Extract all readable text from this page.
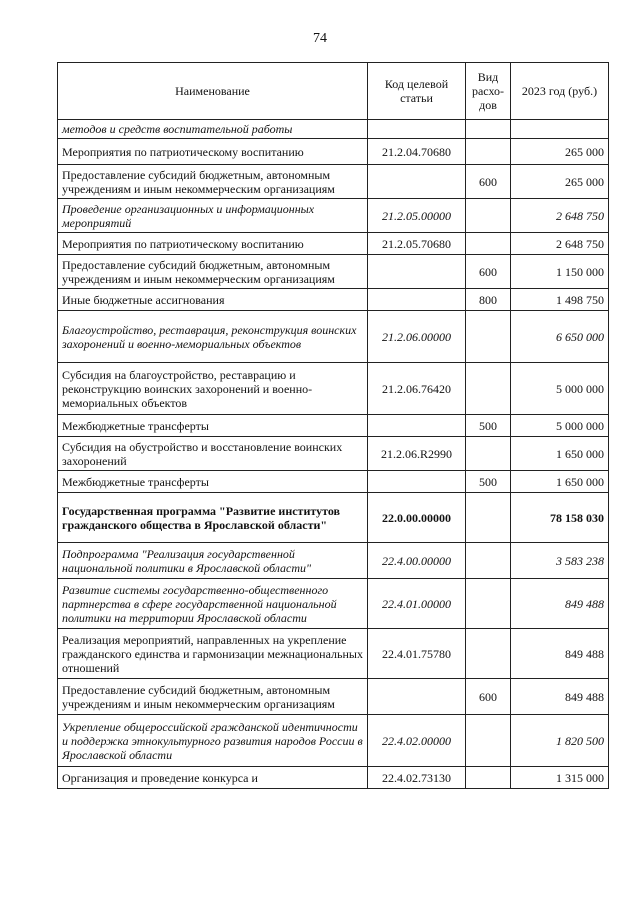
74
Наименование	Код целевой статьи	Вид расхо-дов	2023 год (руб.)
методов и средств воспитательной работы			
Мероприятия по патриотическому воспитанию	21.2.04.70680		265 000
Предоставление субсидий бюджетным, автономным учреждениям и иным некоммерческим организациям		600	265 000
Проведение организационных и информационных мероприятий	21.2.05.00000		2 648 750
Мероприятия по патриотическому воспитанию	21.2.05.70680		2 648 750
Предоставление субсидий бюджетным, автономным учреждениям и иным некоммерческим организациям		600	1 150 000
Иные бюджетные ассигнования		800	1 498 750
Благоустройство, реставрация, реконструкция воинских захоронений и военно-мемориальных объектов	21.2.06.00000		6 650 000
Субсидия на благоустройство, реставрацию и реконструкцию воинских захоронений и военно-мемориальных объектов	21.2.06.76420		5 000 000
Межбюджетные трансферты		500	5 000 000
Субсидия на обустройство и восстановление воинских захоронений	21.2.06.R2990		1 650 000
Межбюджетные трансферты		500	1 650 000
Государственная программа "Развитие институтов гражданского общества в Ярославской области"	22.0.00.00000		78 158 030
Подпрограмма "Реализация государственной национальной политики в Ярославской области"	22.4.00.00000		3 583 238
Развитие системы государственно-общественного партнерства в сфере государственной национальной политики на территории Ярославской области	22.4.01.00000		849 488
Реализация мероприятий, направленных на укрепление гражданского единства и гармонизации межнациональных отношений	22.4.01.75780		849 488
Предоставление субсидий бюджетным, автономным учреждениям и иным некоммерческим организациям		600	849 488
Укрепление общероссийской гражданской идентичности и поддержка этнокультурного развития народов России в Ярославской области	22.4.02.00000		1 820 500
Организация и проведение конкурса и	22.4.02.73130		1 315 000
